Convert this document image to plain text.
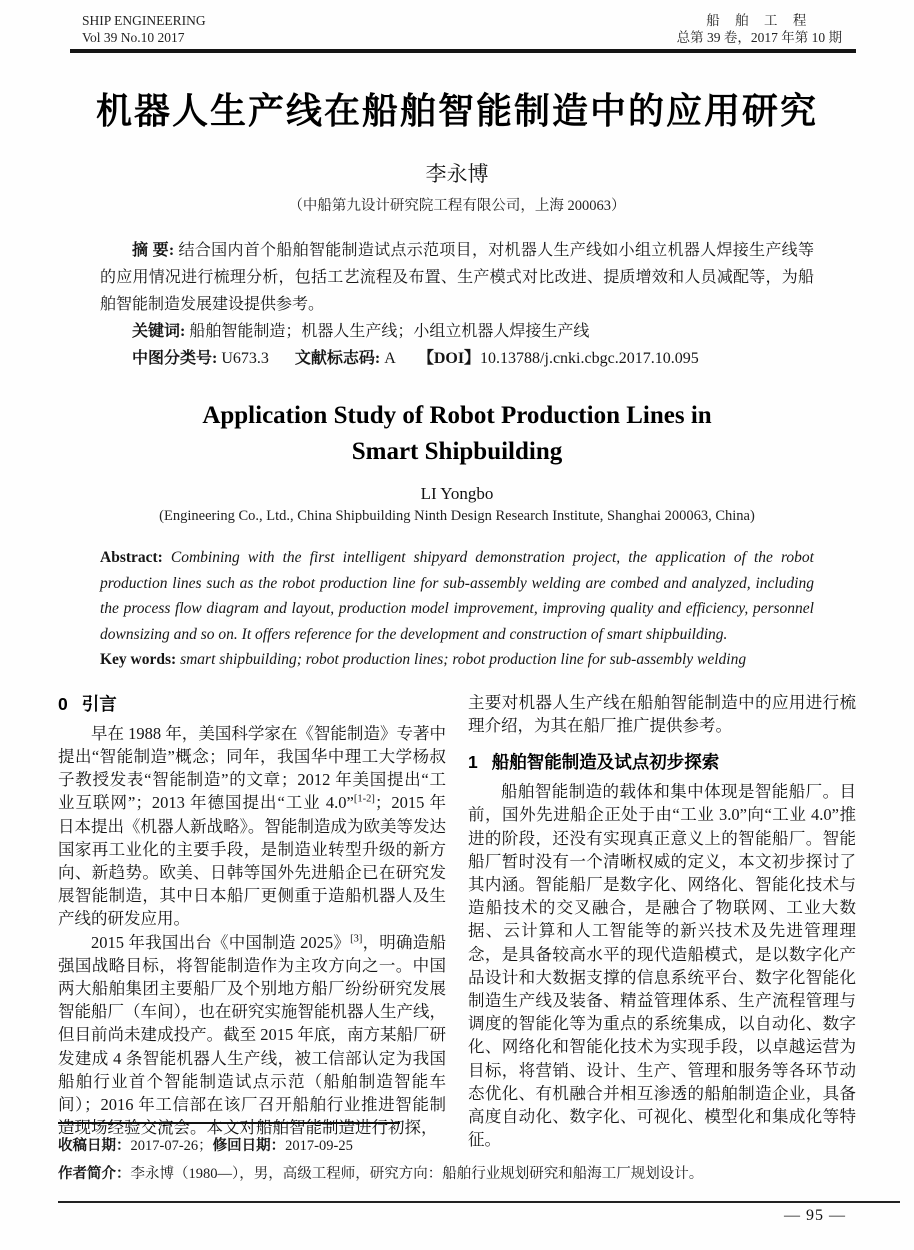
SHIP ENGINEERING
Vol 39 No.10 2017
船 舶 工 程
总第 39 卷，2017 年第 10 期
机器人生产线在船舶智能制造中的应用研究
李永博
（中船第九设计研究院工程有限公司，上海 200063）

摘 要: 结合国内首个船舶智能制造试点示范项目，对机器人生产线如小组立机器人焊接生产线等的应用情况进行梳理分析，包括工艺流程及布置、生产模式对比改进、提质增效和人员减配等，为船舶智能制造发展建设提供参考。

关键词: 船舶智能制造；机器人生产线；小组立机器人焊接生产线

中图分类号: U673.3 文献标志码: A 【DOI】10.13788/j.cnki.cbgc.2017.10.095

Application Study of Robot Production Lines in
Smart Shipbuilding
LI Yongbo
(Engineering Co., Ltd., China Shipbuilding Ninth Design Research Institute, Shanghai 200063, China)

Abstract: Combining with the first intelligent shipyard demonstration project, the application of the robot production lines such as the robot production line for sub-assembly welding are combed and analyzed, including the process flow diagram and layout, production model improvement, improving quality and efficiency, personnel downsizing and so on. It offers reference for the development and construction of smart shipbuilding.

Key words: smart shipbuilding; robot production lines; robot production line for sub-assembly welding

0 引言

早在 1988 年，美国科学家在《智能制造》专著中提出“智能制造”概念；同年，我国华中理工大学杨叔子教授发表“智能制造”的文章；2012 年美国提出“工业互联网”；2013 年德国提出“工业 4.0”[1-2]；2015 年日本提出《机器人新战略》。智能制造成为欧美等发达国家再工业化的主要手段，是制造业转型升级的新方向、新趋势。欧美、日韩等国外先进船企已在研究发展智能制造，其中日本船厂更侧重于造船机器人及生产线的研发应用。

2015 年我国出台《中国制造 2025》[3]，明确造船强国战略目标，将智能制造作为主攻方向之一。中国两大船舶集团主要船厂及个别地方船厂纷纷研究发展智能船厂（车间），也在研究实施智能机器人生产线，但目前尚未建成投产。截至 2015 年底，南方某船厂研发建成 4 条智能机器人生产线，被工信部认定为我国船舶行业首个智能制造试点示范（船舶制造智能车间）；2016 年工信部在该厂召开船舶行业推进智能制造现场经验交流会。本文对船舶智能制造进行初探，

主要对机器人生产线在船舶智能制造中的应用进行梳理介绍，为其在船厂推广提供参考。

1 船舶智能制造及试点初步探索

船舶智能制造的载体和集中体现是智能船厂。目前，国外先进船企正处于由“工业 3.0”向“工业 4.0”推进的阶段，还没有实现真正意义上的智能船厂。智能船厂暂时没有一个清晰权威的定义，本文初步探讨了其内涵。智能船厂是数字化、网络化、智能化技术与造船技术的交叉融合，是融合了物联网、工业大数据、云计算和人工智能等的新兴技术及先进管理理念，是具备较高水平的现代造船模式，是以数字化产品设计和大数据支撑的信息系统平台、数字化智能化制造生产线及装备、精益管理体系、生产流程管理与调度的智能化等为重点的系统集成，以自动化、数字化、网络化和智能化技术为实现手段，以卓越运营为目标，将营销、设计、生产、管理和服务等各环节动态优化、有机融合并相互渗透的船舶制造企业，具备高度自动化、数字化、可视化、模型化和集成化等特征。

收稿日期：2017-07-26；修回日期：2017-09-25
作者简介：李永博（1980—），男，高级工程师，研究方向：船舶行业规划研究和船海工厂规划设计。
— 95 —
